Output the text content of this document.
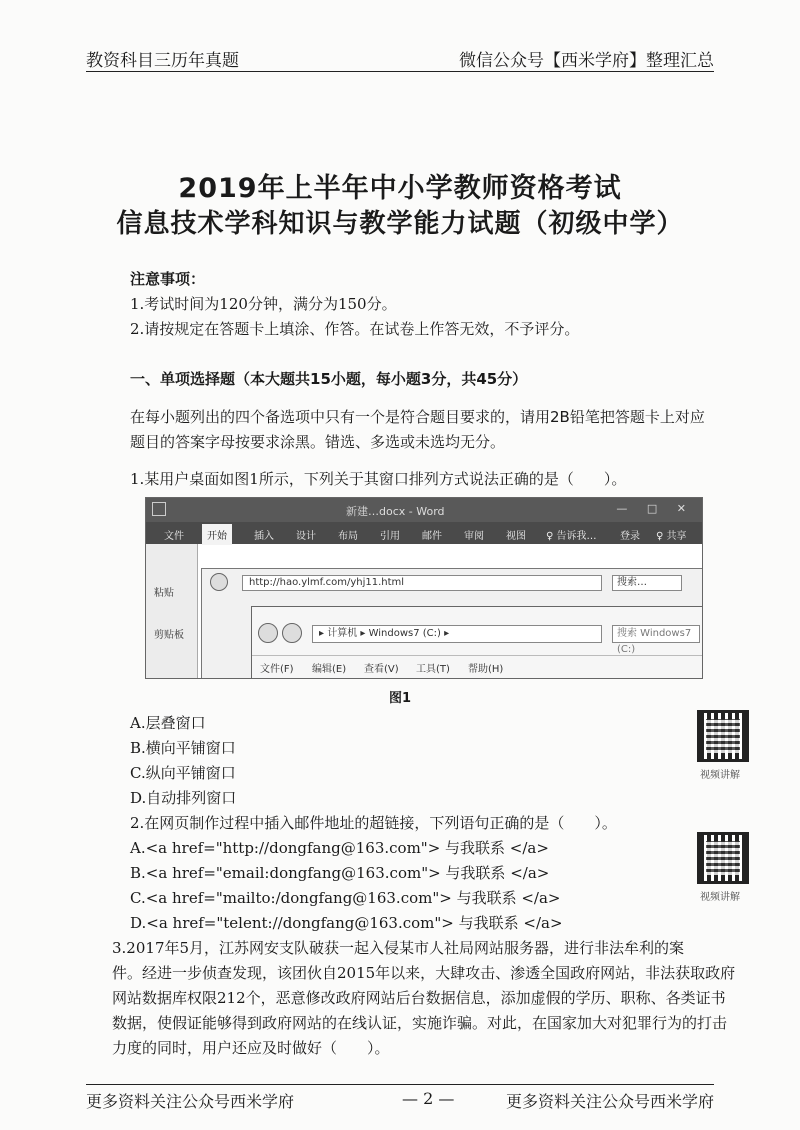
教资科目三历年真题	微信公众号【西米学府】整理汇总
2019年上半年中小学教师资格考试
信息技术学科知识与教学能力试题（初级中学）
注意事项：
1.考试时间为120分钟，满分为150分。
2.请按规定在答题卡上填涂、作答。在试卷上作答无效，不予评分。
一、单项选择题（本大题共15小题，每小题3分，共45分）
在每小题列出的四个备选项中只有一个是符合题目要求的，请用2B铅笔把答题卡上对应
题目的答案字母按要求涂黑。错选、多选或未选均无分。
1.某用户桌面如图1所示，下列关于其窗口排列方式说法正确的是（　　）。
新建…docx - Word	— □ ✕
文件	开始	插入 设计 布局 引用 邮件 审阅 视图 ♀ 告诉我… 登录 ♀ 共享
粘贴
剪贴板
http://hao.ylmf.com/yhj11.html	搜索…
▸ 计算机 ▸ Windows7 (C:) ▸	搜索 Windows7 (C:)
文件(F) 编辑(E) 查看(V) 工具(T) 帮助(H)
图1
A.层叠窗口
B.横向平铺窗口
C.纵向平铺窗口
D.自动排列窗口
视频讲解
2.在网页制作过程中插入邮件地址的超链接，下列语句正确的是（　　）。
A.<a href="http://dongfang@163.com"> 与我联系 </a>
B.<a href="email:dongfang@163.com"> 与我联系 </a>
C.<a href="mailto:/dongfang@163.com"> 与我联系 </a>
D.<a href="telent://dongfang@163.com"> 与我联系 </a>
视频讲解
3.2017年5月，江苏网安支队破获一起入侵某市人社局网站服务器，进行非法牟利的案
件。经进一步侦查发现，该团伙自2015年以来，大肆攻击、渗透全国政府网站，非法获取政府
网站数据库权限212个，恶意修改政府网站后台数据信息，添加虚假的学历、职称、各类证书
数据，使假证能够得到政府网站的在线认证，实施诈骗。对此，在国家加大对犯罪行为的打击
力度的同时，用户还应及时做好（　　）。
更多资料关注公众号西米学府	— 2 —	更多资料关注公众号西米学府
